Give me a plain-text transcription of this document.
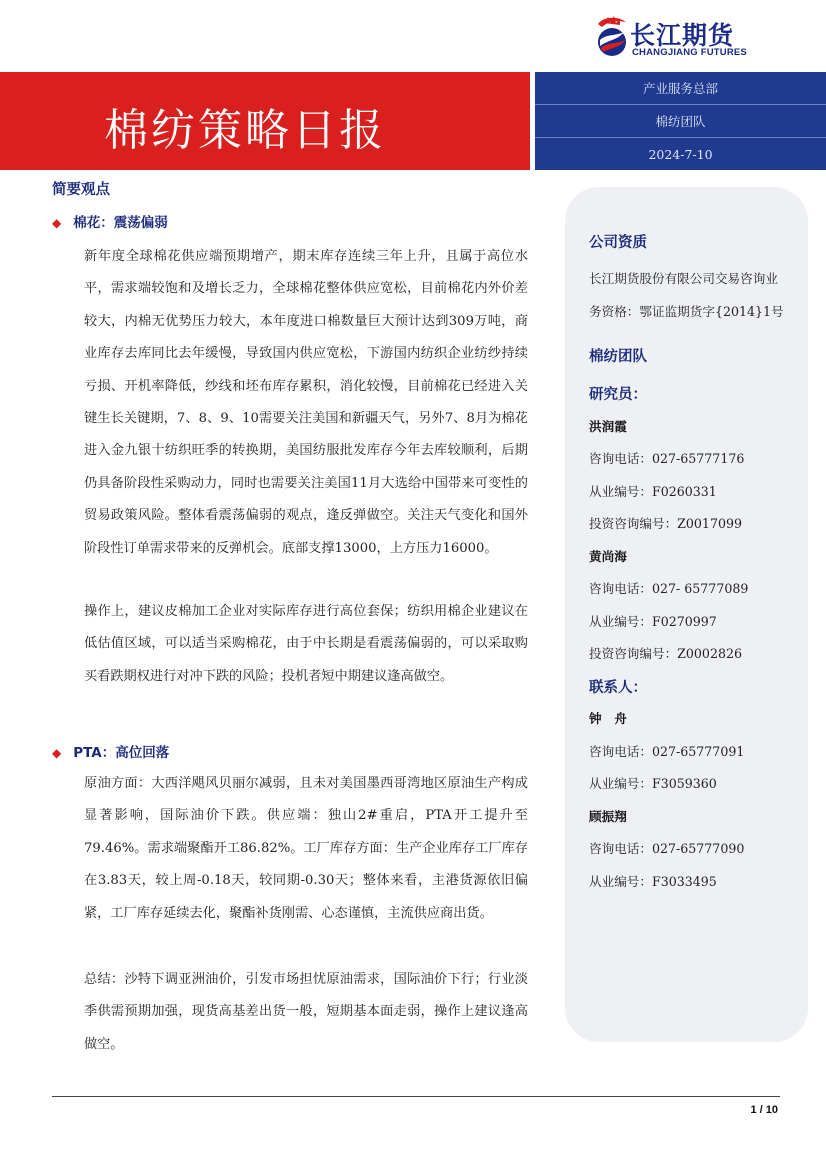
长江期货
CHANGJIANG FUTURES
棉纺策略日报
产业服务总部
棉纺团队
2024-7-10
简要观点
◆ 棉花：震荡偏弱
新年度全球棉花供应端预期增产，期末库存连续三年上升，且属于高位水平，需求端较饱和及增长乏力，全球棉花整体供应宽松，目前棉花内外价差较大，内棉无优势压力较大，本年度进口棉数量巨大预计达到309万吨，商业库存去库同比去年缓慢，导致国内供应宽松，下游国内纺织企业纺纱持续亏损、开机率降低，纱线和坯布库存累积，消化较慢，目前棉花已经进入关键生长关键期，7、8、9、10需要关注美国和新疆天气，另外7、8月为棉花进入金九银十纺织旺季的转换期，美国纺服批发库存今年去库较顺利，后期仍具备阶段性采购动力，同时也需要关注美国11月大选给中国带来可变性的贸易政策风险。整体看震荡偏弱的观点，逢反弹做空。关注天气变化和国外阶段性订单需求带来的反弹机会。底部支撑13000，上方压力16000。
操作上，建议皮棉加工企业对实际库存进行高位套保；纺织用棉企业建议在低估值区域，可以适当采购棉花，由于中长期是看震荡偏弱的，可以采取购买看跌期权进行对冲下跌的风险；投机者短中期建议逢高做空。
◆ PTA：高位回落
原油方面：大西洋飓风贝丽尔减弱，且未对美国墨西哥湾地区原油生产构成显著影响，国际油价下跌。供应端：独山2#重启，PTA开工提升至79.46%。需求端聚酯开工86.82%。工厂库存方面：生产企业库存工厂库存在3.83天，较上周-0.18天，较同期-0.30天；整体来看，主港货源依旧偏紧，工厂库存延续去化，聚酯补货刚需、心态谨慎，主流供应商出货。
总结：沙特下调亚洲油价，引发市场担忧原油需求，国际油价下行；行业淡季供需预期加强，现货高基差出货一般，短期基本面走弱，操作上建议逢高做空。
公司资质
长江期货股份有限公司交易咨询业
务资格：鄂证监期货字{2014}1号
棉纺团队
研究员：
洪润霞
咨询电话：027-65777176
从业编号：F0260331
投资咨询编号：Z0017099
黄尚海
咨询电话：027- 65777089
从业编号：F0270997
投资咨询编号：Z0002826
联系人：
钟　舟
咨询电话：027-65777091
从业编号：F3059360
顾振翔
咨询电话：027-65777090
从业编号：F3033495
1 / 10
